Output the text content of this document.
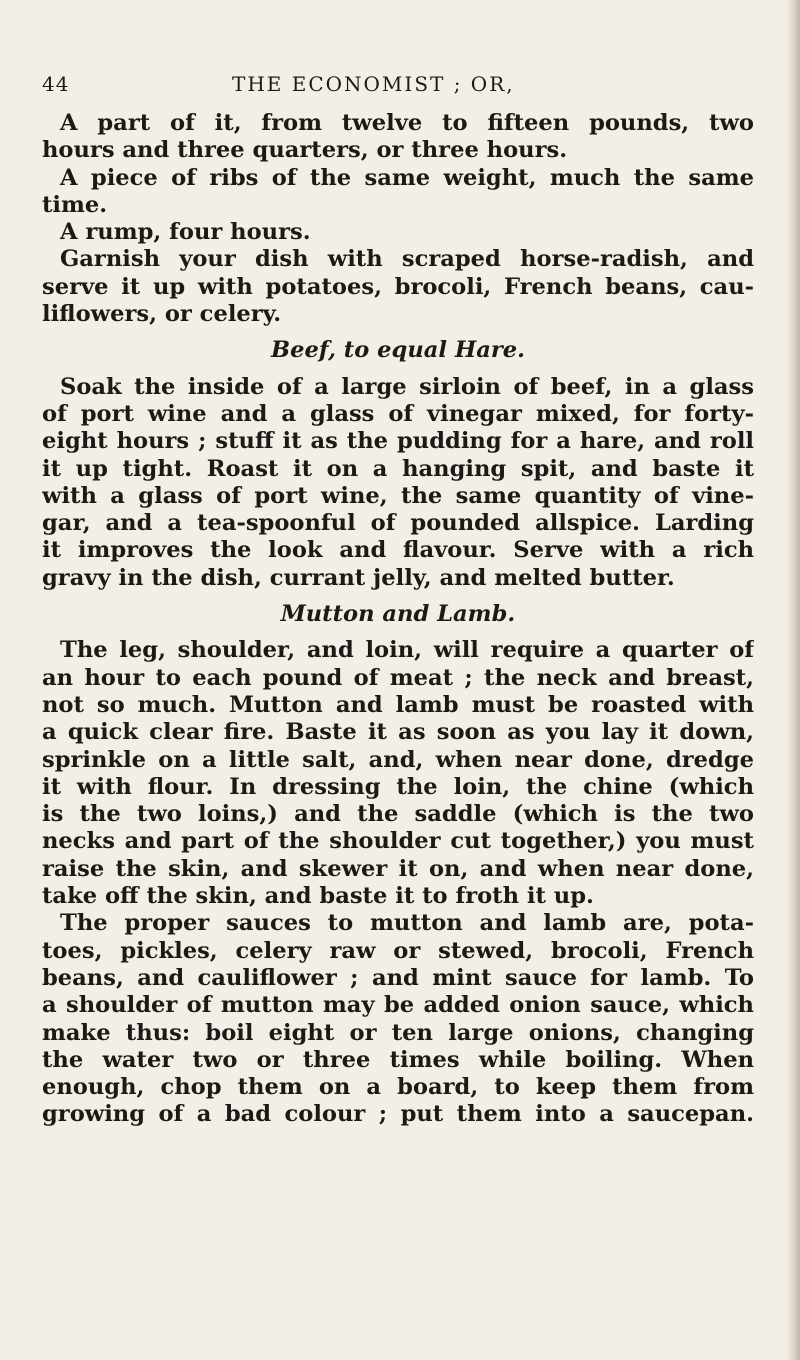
44	THE ECONOMIST ; OR,
A part of it, from twelve to fifteen pounds, two
hours and three quarters, or three hours.
A piece of ribs of the same weight, much the same
time.
A rump, four hours.
Garnish your dish with scraped horse-radish, and
serve it up with potatoes, brocoli, French beans, cau-
liflowers, or celery.
Beef, to equal Hare.
Soak the inside of a large sirloin of beef, in a glass
of port wine and a glass of vinegar mixed, for forty-
eight hours ; stuff it as the pudding for a hare, and roll
it up tight. Roast it on a hanging spit, and baste it
with a glass of port wine, the same quantity of vine-
gar, and a tea-spoonful of pounded allspice. Larding
it improves the look and flavour. Serve with a rich
gravy in the dish, currant jelly, and melted butter.
Mutton and Lamb.
The leg, shoulder, and loin, will require a quarter of
an hour to each pound of meat ; the neck and breast,
not so much. Mutton and lamb must be roasted with
a quick clear fire. Baste it as soon as you lay it down,
sprinkle on a little salt, and, when near done, dredge
it with flour. In dressing the loin, the chine (which
is the two loins,) and the saddle (which is the two
necks and part of the shoulder cut together,) you must
raise the skin, and skewer it on, and when near done,
take off the skin, and baste it to froth it up.
The proper sauces to mutton and lamb are, pota-
toes, pickles, celery raw or stewed, brocoli, French
beans, and cauliflower ; and mint sauce for lamb. To
a shoulder of mutton may be added onion sauce, which
make thus: boil eight or ten large onions, changing
the water two or three times while boiling. When
enough, chop them on a board, to keep them from
growing of a bad colour ; put them into a saucepan.
